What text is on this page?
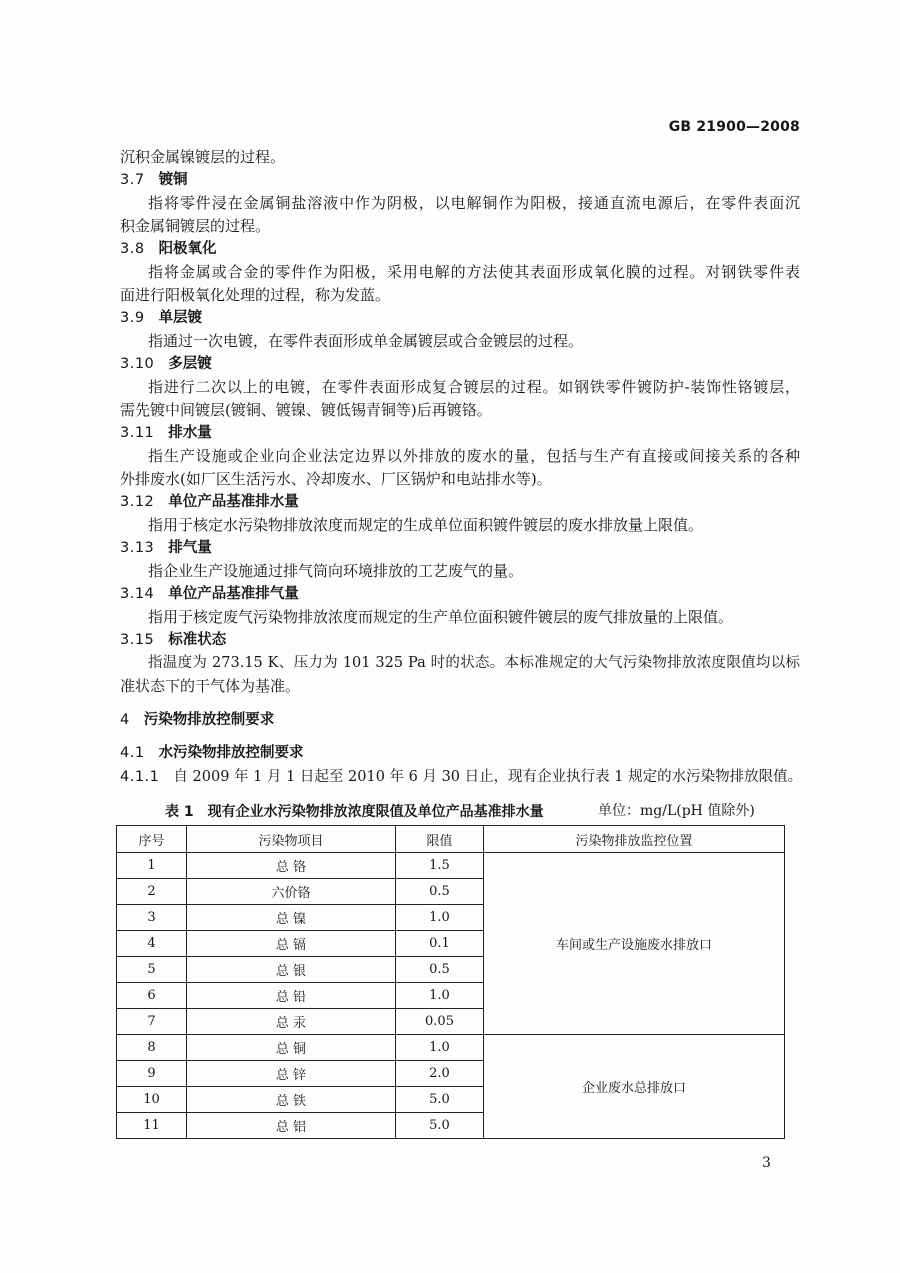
GB 21900—2008
沉积金属镍镀层的过程。
3.7 镀铜
指将零件浸在金属铜盐溶液中作为阴极，以电解铜作为阳极，接通直流电源后，在零件表面沉
积金属铜镀层的过程。
3.8 阳极氧化
指将金属或合金的零件作为阳极，采用电解的方法使其表面形成氧化膜的过程。对钢铁零件表
面进行阳极氧化处理的过程，称为发蓝。
3.9 单层镀
指通过一次电镀，在零件表面形成单金属镀层或合金镀层的过程。
3.10 多层镀
指进行二次以上的电镀，在零件表面形成复合镀层的过程。如钢铁零件镀防护-装饰性铬镀层，
需先镀中间镀层(镀铜、镀镍、镀低锡青铜等)后再镀铬。
3.11 排水量
指生产设施或企业向企业法定边界以外排放的废水的量，包括与生产有直接或间接关系的各种
外排废水(如厂区生活污水、冷却废水、厂区锅炉和电站排水等)。
3.12 单位产品基准排水量
指用于核定水污染物排放浓度而规定的生成单位面积镀件镀层的废水排放量上限值。
3.13 排气量
指企业生产设施通过排气筒向环境排放的工艺废气的量。
3.14 单位产品基准排气量
指用于核定废气污染物排放浓度而规定的生产单位面积镀件镀层的废气排放量的上限值。
3.15 标准状态
指温度为 273.15 K、压力为 101 325 Pa 时的状态。本标准规定的大气污染物排放浓度限值均以标
准状态下的干气体为基准。
4 污染物排放控制要求
4.1 水污染物排放控制要求
4.1.1 自 2009 年 1 月 1 日起至 2010 年 6 月 30 日止，现有企业执行表 1 规定的水污染物排放限值。
表 1 现有企业水污染物排放浓度限值及单位产品基准排水量	单位：mg/L(pH 值除外)
序号	污染物项目	限值	污染物排放监控位置
1	总 铬	1.5	车间或生产设施废水排放口
2	六价铬	0.5	
3	总 镍	1.0	
4	总 镉	0.1	
5	总 银	0.5	
6	总 铅	1.0	
7	总 汞	0.05	
8	总 铜	1.0	企业废水总排放口
9	总 锌	2.0	
10	总 铁	5.0	
11	总 铝	5.0	
3
